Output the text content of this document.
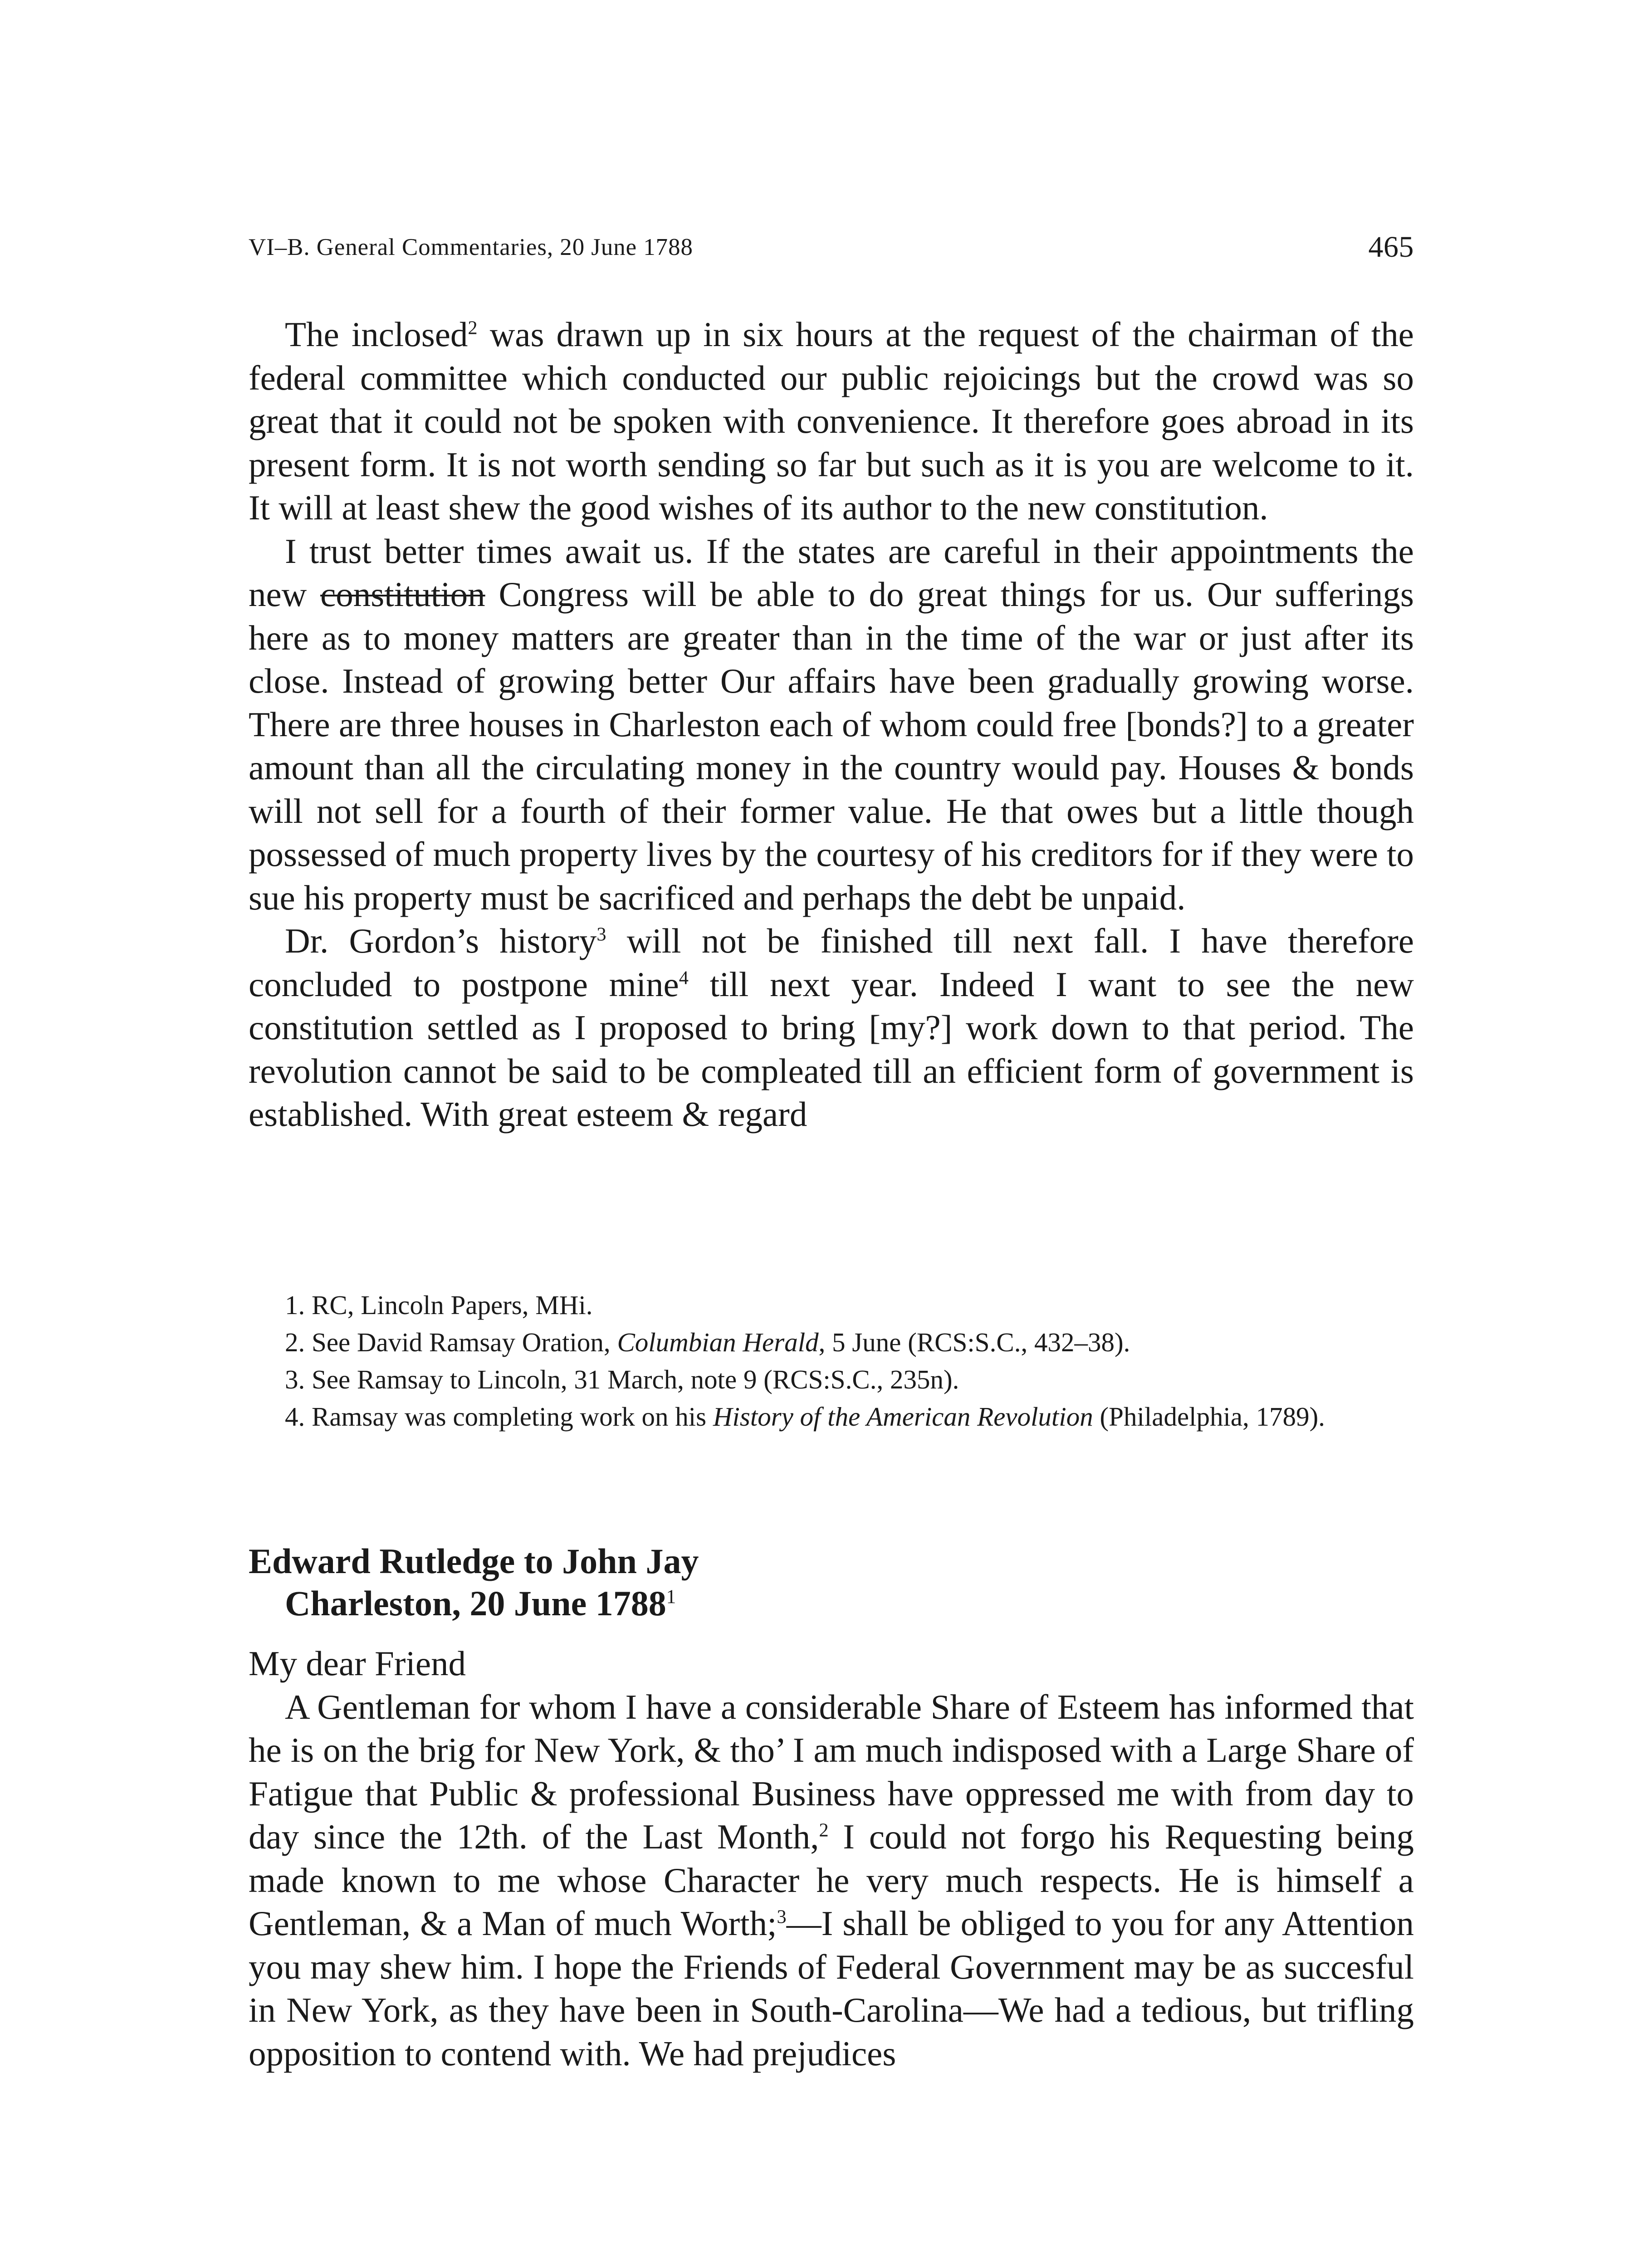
VI–B. General Commentaries, 20 June 1788	465

The inclosed$^2$ was drawn up in six hours at the request of the chairman of the federal committee which conducted our public rejoicings but the crowd was so great that it could not be spoken with convenience. It therefore goes abroad in its present form. It is not worth sending so far but such as it is you are welcome to it. It will at least shew the good wishes of its author to the new constitution.

I trust better times await us. If the states are careful in their appointments the new constitution Congress will be able to do great things for us. Our sufferings here as to money matters are greater than in the time of the war or just after its close. Instead of growing better Our affairs have been gradually growing worse. There are three houses in Charleston each of whom could free [bonds?] to a greater amount than all the circulating money in the country would pay. Houses & bonds will not sell for a fourth of their former value. He that owes but a little though possessed of much property lives by the courtesy of his creditors for if they were to sue his property must be sacrificed and perhaps the debt be unpaid.

Dr. Gordon’s history$^3$ will not be finished till next fall. I have therefore concluded to postpone mine$^4$ till next year. Indeed I want to see the new constitution settled as I proposed to bring [my?] work down to that period. The revolution cannot be said to be compleated till an efficient form of government is established. With great esteem & regard

1. RC, Lincoln Papers, MHi.

2. See David Ramsay Oration, Columbian Herald, 5 June (RCS:S.C., 432–38).

3. See Ramsay to Lincoln, 31 March, note 9 (RCS:S.C., 235n).

4. Ramsay was completing work on his History of the American Revolution (Philadelphia, 1789).

Edward Rutledge to John Jay
Charleston, 20 June 1788$^1$

My dear Friend

A Gentleman for whom I have a considerable Share of Esteem has informed that he is on the brig for New York, & tho’ I am much indisposed with a Large Share of Fatigue that Public & professional Business have oppressed me with from day to day since the 12th. of the Last Month,$^2$ I could not forgo his Requesting being made known to me whose Character he very much respects. He is himself a Gentleman, & a Man of much Worth;$^3$—I shall be obliged to you for any Attention you may shew him. I hope the Friends of Federal Government may be as succesful in New York, as they have been in South-Carolina—We had a tedious, but trifling opposition to contend with. We had prejudices
